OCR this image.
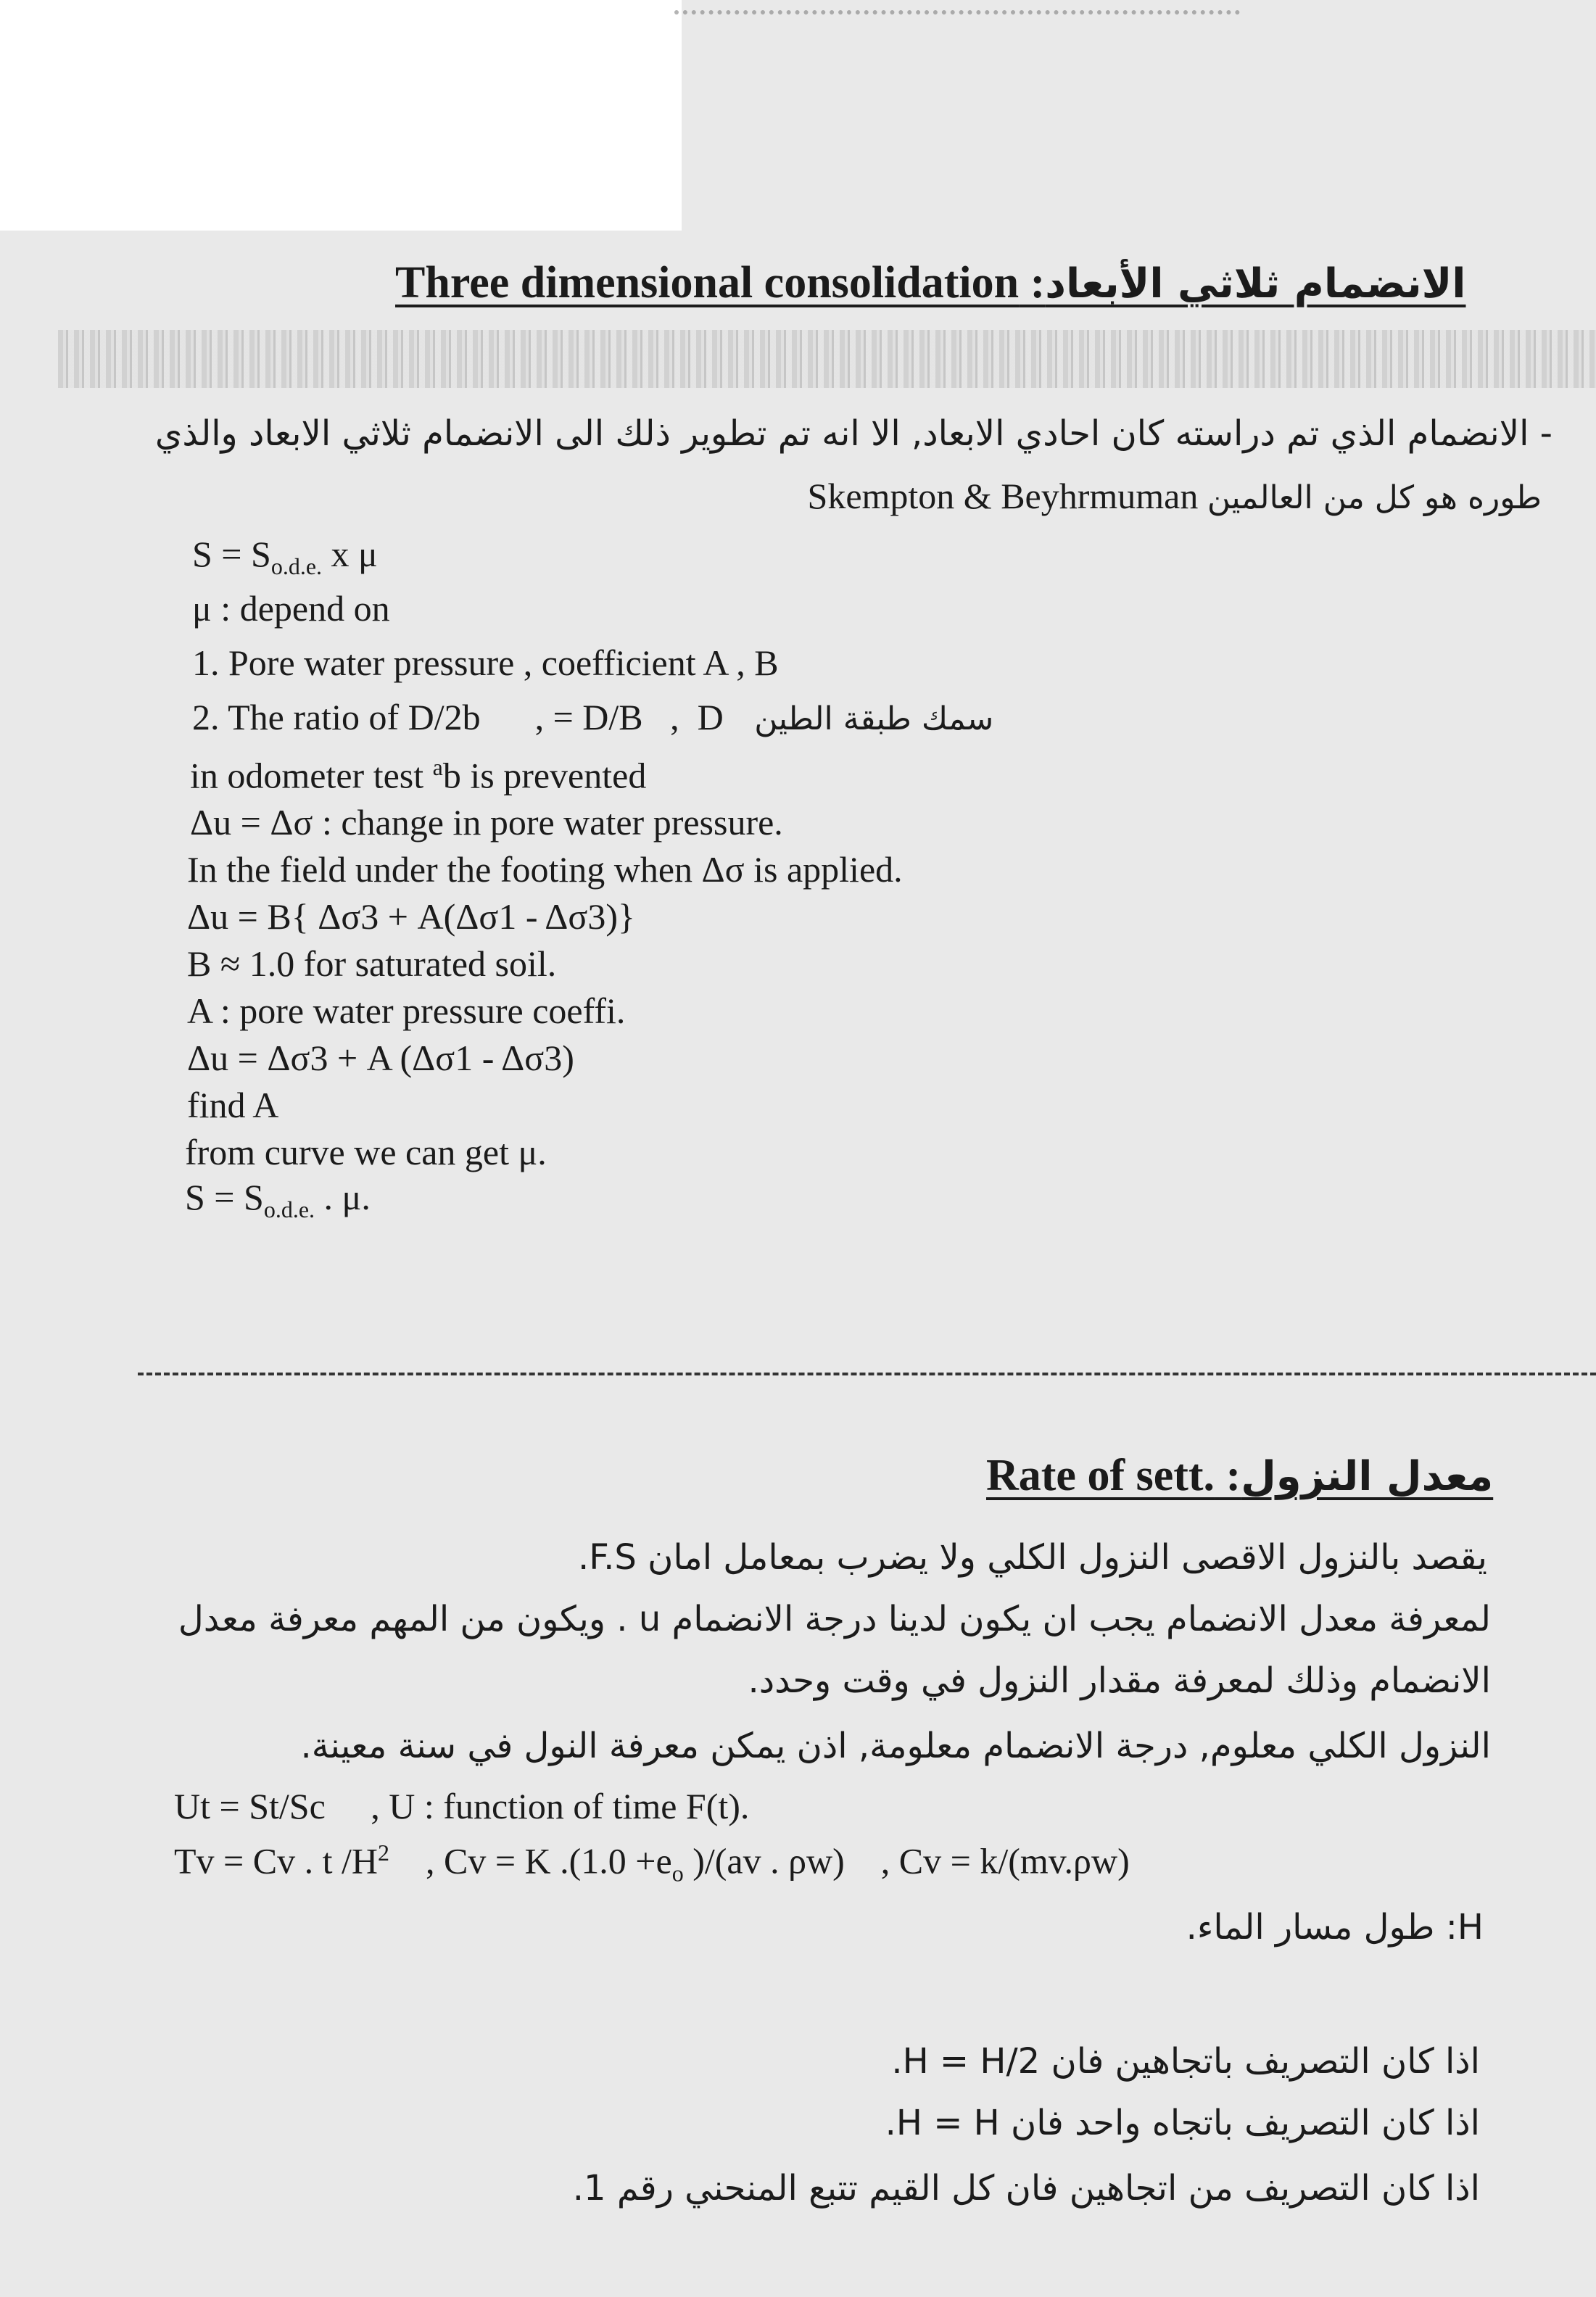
Three dimensional consolidation :الانضمام ثلاثي الأبعاد
- الانضمام الذي تم دراسته كان احادي الابعاد, الا انه تم تطوير ذلك الى الانضمام ثلاثي الابعاد والذي
طوره هو كل من العالمين Skempton & Beyhrmuman
$S = S_{o.d.e.}$ x μ
μ : depend on
1. Pore water pressure , coefficient A , B
2. The ratio of D/2b      , = D/B   ,  D سمك طبقة الطين
in odometer test $^a$b is prevented
Δu = Δσ : change in pore water pressure.
In the field under the footing when Δσ is applied.
Δu = B{ Δσ3 + A(Δσ1 - Δσ3)}
B ≈ 1.0 for saturated soil.
A : pore water pressure coeffi.
Δu = Δσ3 + A (Δσ1 - Δσ3)
find A
from curve we can get μ.
$S = S_{o.d.e.}$ . μ.
Rate of sett. :معدل النزول
يقصد بالنزول الاقصى النزول الكلي ولا يضرب بمعامل امان F.S.
لمعرفة معدل الانضمام يجب ان يكون لدينا درجة الانضمام u . ويكون من المهم معرفة معدل
الانضمام وذلك لمعرفة مقدار النزول في وقت وحدد.
النزول الكلي معلوم, درجة الانضمام معلومة, اذن يمكن معرفة النول في سنة معينة.
Ut = St/Sc     , U : function of time F(t).
Tv = Cv . t $/H^2$    , Cv = K $.(1.0 +e_o$ )/(av . ρw)    , Cv = k/(mv.ρw)
H: طول مسار الماء.
اذا كان التصريف باتجاهين فان H = H/2.
اذا كان التصريف باتجاه واحد فان H = H.
اذا كان التصريف من اتجاهين فان كل القيم تتبع المنحني رقم 1.
